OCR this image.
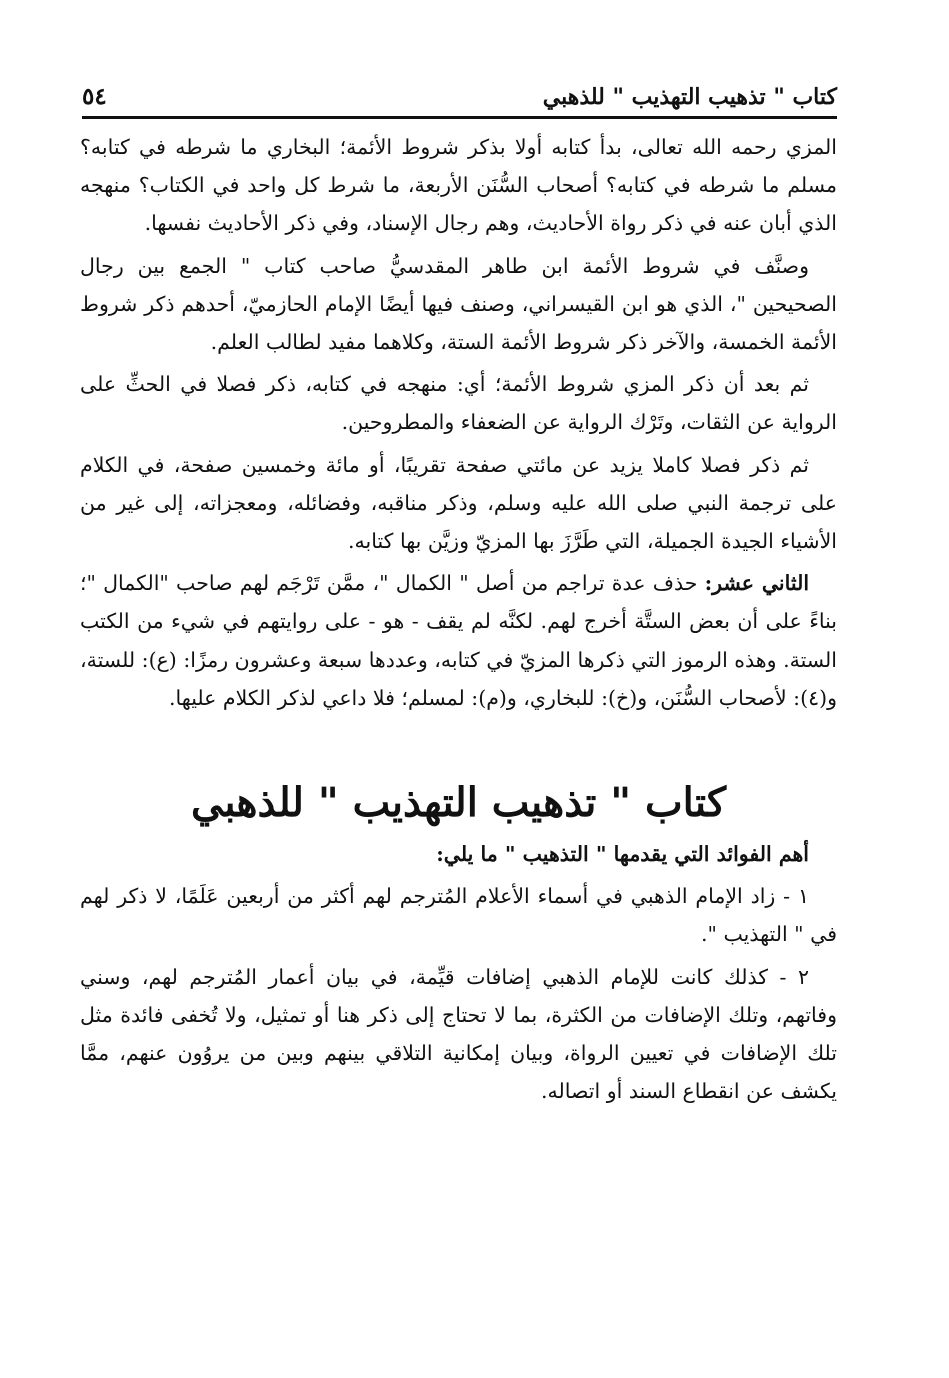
كتاب " تذهيب التهذيب " للذهبي
٥٤

المزي رحمه الله تعالى، بدأ كتابه أولا بذكر شروط الأئمة؛ البخاري ما شرطه في كتابه؟ مسلم ما شرطه في كتابه؟ أصحاب السُّنَن الأربعة، ما شرط كل واحد في الكتاب؟ منهجه الذي أبان عنه في ذكر رواة الأحاديث، وهم رجال الإسناد، وفي ذكر الأحاديث نفسها.

وصنَّف في شروط الأئمة ابن طاهر المقدسيُّ صاحب كتاب " الجمع بين رجال الصحيحين "، الذي هو ابن القيسراني، وصنف فيها أيضًا الإمام الحازميّ، أحدهم ذكر شروط الأئمة الخمسة، والآخر ذكر شروط الأئمة الستة، وكلاهما مفيد لطالب العلم.

ثم بعد أن ذكر المزي شروط الأئمة؛ أي: منهجه في كتابه، ذكر فصلا في الحثِّ على الرواية عن الثقات، وتَرْك الرواية عن الضعفاء والمطروحين.

ثم ذكر فصلا كاملا يزيد عن مائتي صفحة تقريبًا، أو مائة وخمسين صفحة، في الكلام على ترجمة النبي صلى الله عليه وسلم، وذكر مناقبه، وفضائله، ومعجزاته، إلى غير من الأشياء الجيدة الجميلة، التي طَرَّزَ بها المزيّ وزيَّن بها كتابه.

الثاني عشر: حذف عدة تراجم من أصل " الكمال "، ممَّن تَرْجَم لهم صاحب "الكمال "؛ بناءً على أن بعض الستَّة أخرج لهم. لكنَّه لم يقف - هو - على روايتهم في شيء من الكتب الستة. وهذه الرموز التي ذكرها المزيّ في كتابه، وعددها سبعة وعشرون رمزًا: (ع): للستة، و(٤): لأصحاب السُّنَن، و(خ): للبخاري، و(م): لمسلم؛ فلا داعي لذكر الكلام عليها.

كتاب " تذهيب التهذيب " للذهبي

أهم الفوائد التي يقدمها " التذهيب " ما يلي:

١ - زاد الإمام الذهبي في أسماء الأعلام المُترجم لهم أكثر من أربعين عَلَمًا، لا ذكر لهم في " التهذيب ".

٢ - كذلك كانت للإمام الذهبي إضافات قيِّمة، في بيان أعمار المُترجم لهم، وسني وفاتهم، وتلك الإضافات من الكثرة، بما لا تحتاج إلى ذكر هنا أو تمثيل، ولا تُخفى فائدة مثل تلك الإضافات في تعيين الرواة، وبيان إمكانية التلاقي بينهم وبين من يروُون عنهم، ممَّا يكشف عن انقطاع السند أو اتصاله.
